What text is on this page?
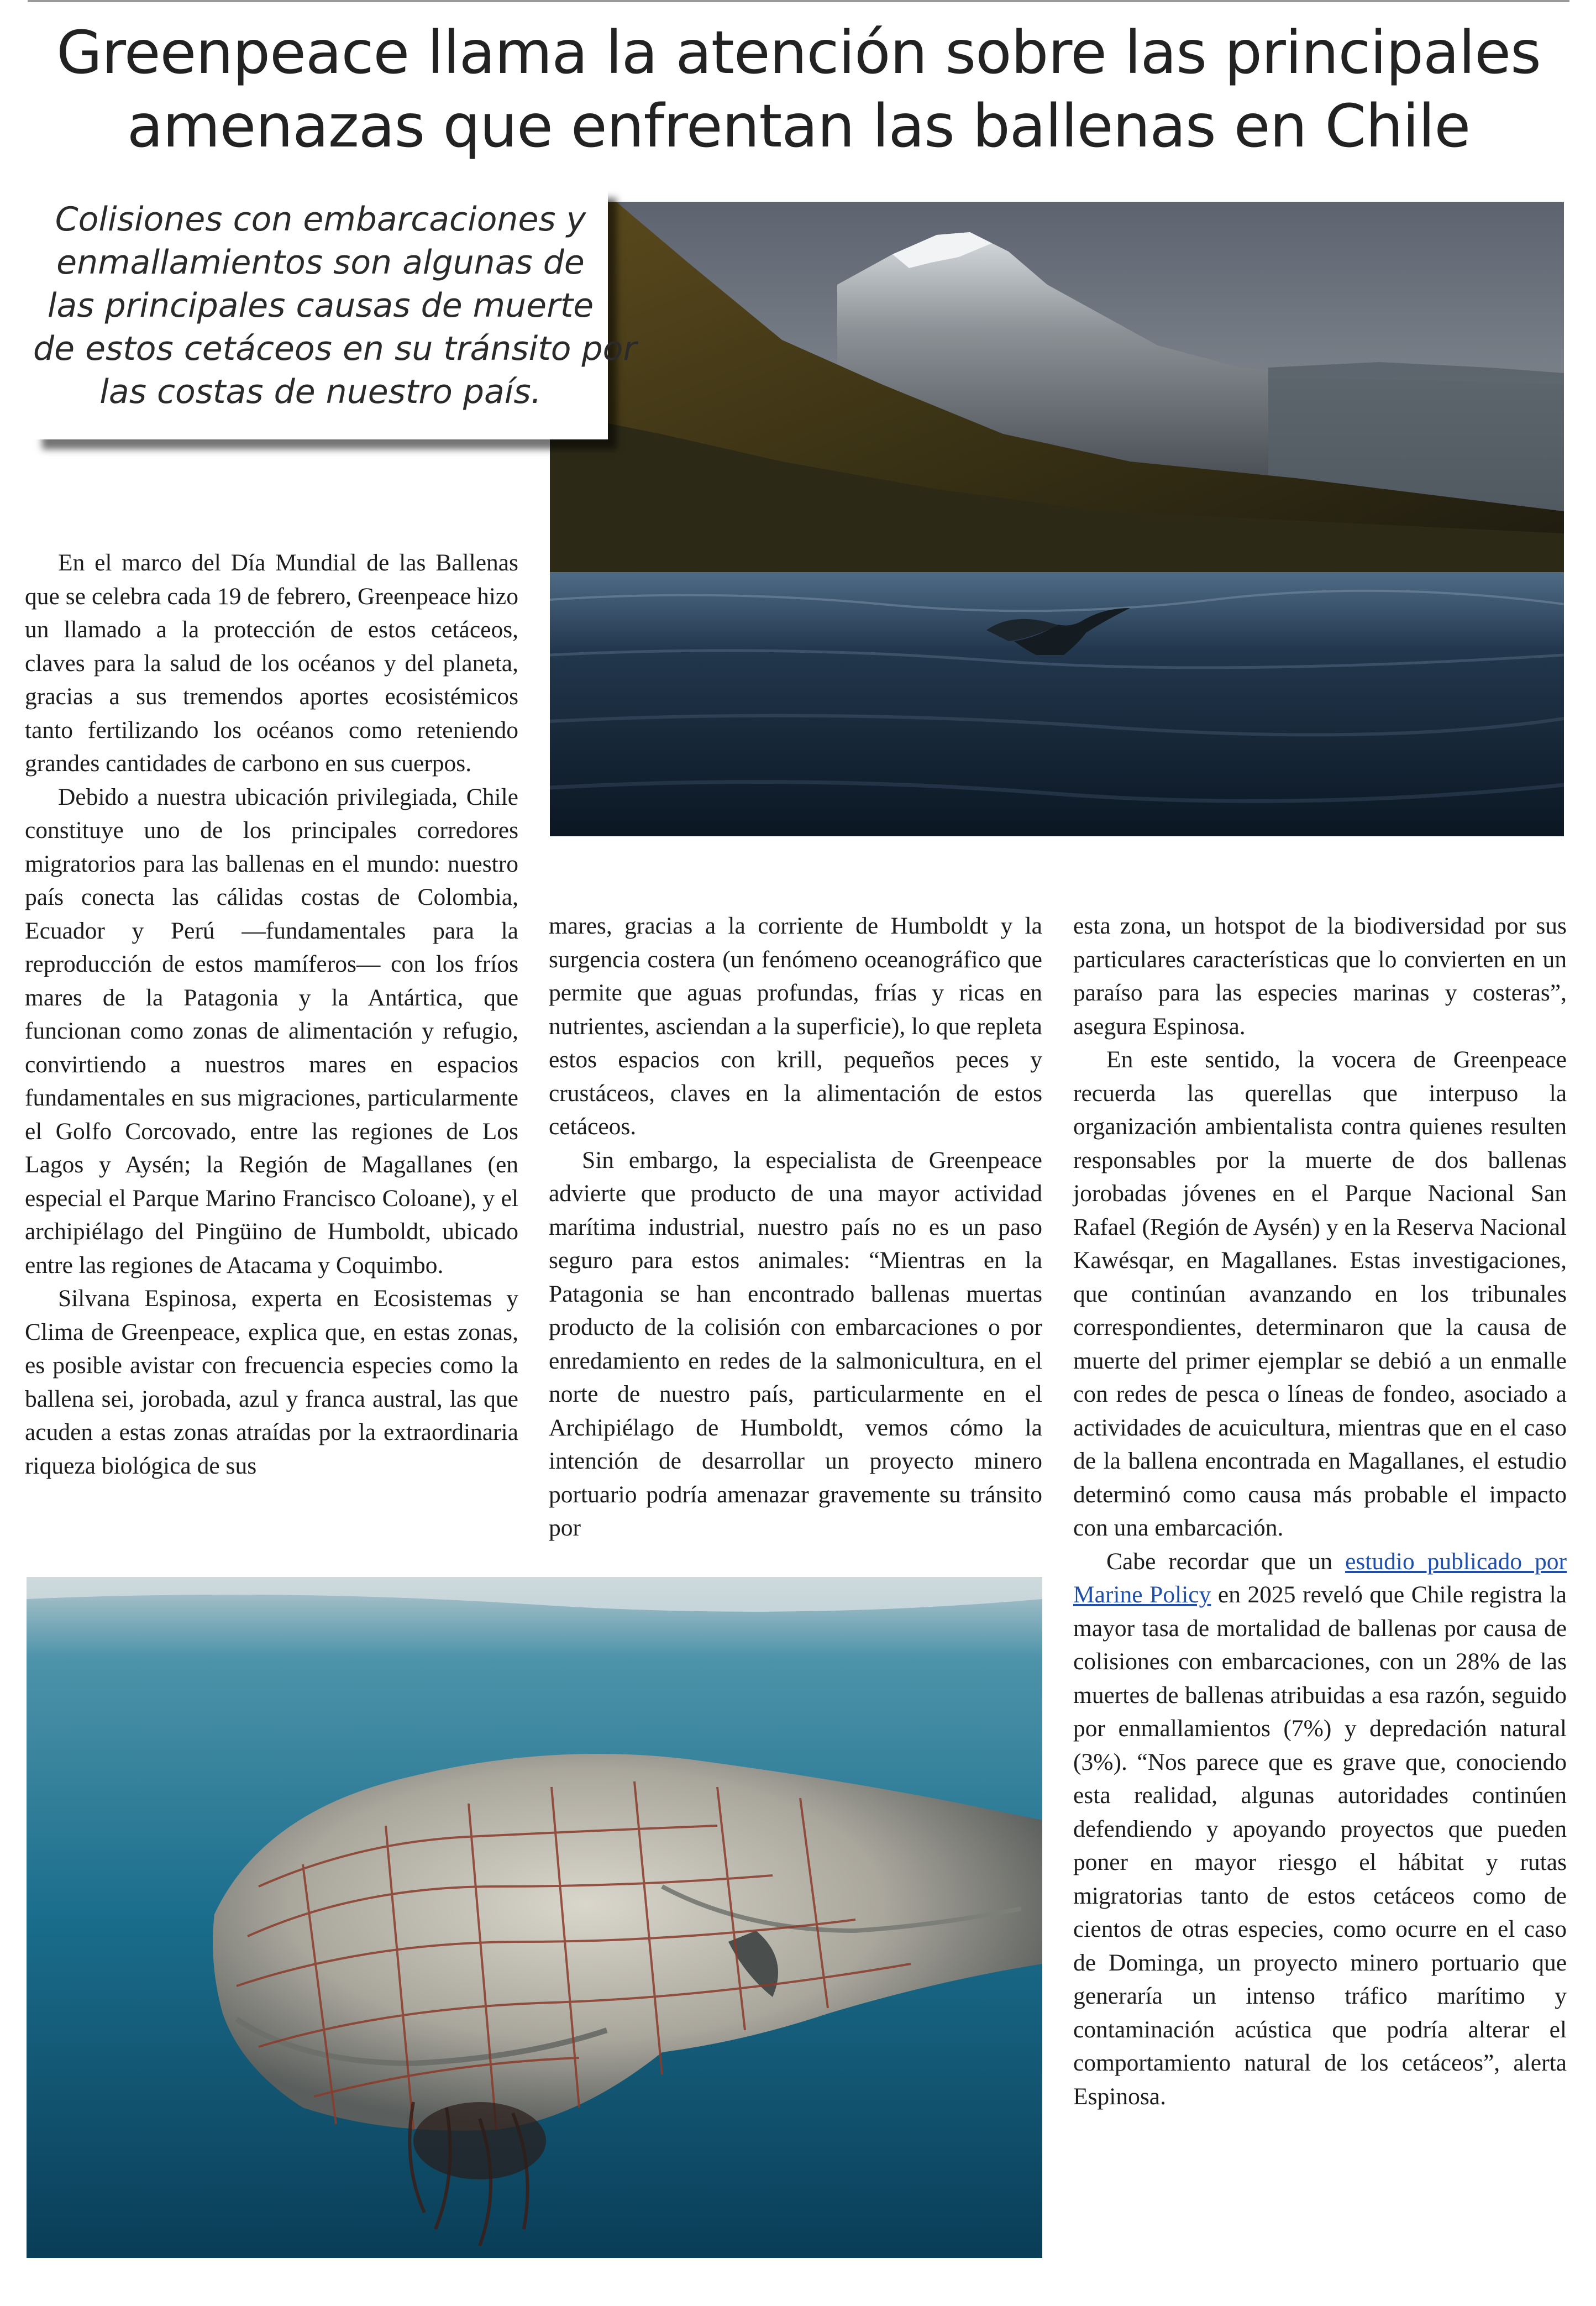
Greenpeace llama la atención sobre las principales
amenazas que enfrentan las ballenas en Chile
Colisiones con embarcaciones y
enmallamientos son algunas de
las principales causas de muerte
de estos cetáceos en su tránsito por
las costas de nuestro país.

En el marco del Día Mundial de las Ballenas que se celebra cada 19 de febrero, Greenpeace hizo un llamado a la protección de estos cetáceos, claves para la salud de los océanos y del planeta, gracias a sus tremendos aportes ecosistémicos tanto fertilizando los océanos como reteniendo grandes cantidades de carbono en sus cuerpos.

Debido a nuestra ubicación privilegiada, Chile constituye uno de los principales corredores migratorios para las ballenas en el mundo: nuestro país conecta las cálidas costas de Colombia, Ecuador y Perú —fundamentales para la reproducción de estos mamíferos— con los fríos mares de la Patagonia y la Antártica, que funcionan como zonas de alimentación y refugio, convirtiendo a nuestros mares en espacios fundamentales en sus migraciones, particularmente el Golfo Corcovado, entre las regiones de Los Lagos y Aysén; la Región de Magallanes (en especial el Parque Marino Francisco Coloane), y el archipiélago del Pingüino de Humboldt, ubicado entre las regiones de Atacama y Coquimbo.

Silvana Espinosa, experta en Ecosistemas y Clima de Greenpeace, explica que, en estas zonas, es posible avistar con frecuencia especies como la ballena sei, jorobada, azul y franca austral, las que acuden a estas zonas atraídas por la extraordinaria riqueza biológica de sus

mares, gracias a la corriente de Humboldt y la surgencia costera (un fenómeno oceanográfico que permite que aguas profundas, frías y ricas en nutrientes, asciendan a la superficie), lo que repleta estos espacios con krill, pequeños peces y crustáceos, claves en la alimentación de estos cetáceos.

Sin embargo, la especialista de Greenpeace advierte que producto de una mayor actividad marítima industrial, nuestro país no es un paso seguro para estos animales: “Mientras en la Patagonia se han encontrado ballenas muertas producto de la colisión con embarcaciones o por enredamiento en redes de la salmonicultura, en el norte de nuestro país, particularmente en el Archipiélago de Humboldt, vemos cómo la intención de desarrollar un proyecto minero portuario podría amenazar gravemente su tránsito por

esta zona, un hotspot de la biodiversidad por sus particulares características que lo convierten en un paraíso para las especies marinas y costeras”, asegura Espinosa.

En este sentido, la vocera de Greenpeace recuerda las querellas que interpuso la organización ambientalista contra quienes resulten responsables por la muerte de dos ballenas jorobadas jóvenes en el Parque Nacional San Rafael (Región de Aysén) y en la Reserva Nacional Kawésqar, en Magallanes. Estas investigaciones, que continúan avanzando en los tribunales correspondientes, determinaron que la causa de muerte del primer ejemplar se debió a un enmalle con redes de pesca o líneas de fondeo, asociado a actividades de acuicultura, mientras que en el caso de la ballena encontrada en Magallanes, el estudio determinó como causa más probable el impacto con una embarcación.

Cabe recordar que un estudio publicado por Marine Policy en 2025 reveló que Chile registra la mayor tasa de mortalidad de ballenas por causa de colisiones con embarcaciones, con un 28% de las muertes de ballenas atribuidas a esa razón, seguido por enmallamientos (7%) y depredación natural (3%). “Nos parece que es grave que, conociendo esta realidad, algunas autoridades continúen defendiendo y apoyando proyectos que pueden poner en mayor riesgo el hábitat y rutas migratorias tanto de estos cetáceos como de cientos de otras especies, como ocurre en el caso de Dominga, un proyecto minero portuario que generaría un intenso tráfico marítimo y contaminación acústica que podría alterar el comportamiento natural de los cetáceos”, alerta Espinosa.
